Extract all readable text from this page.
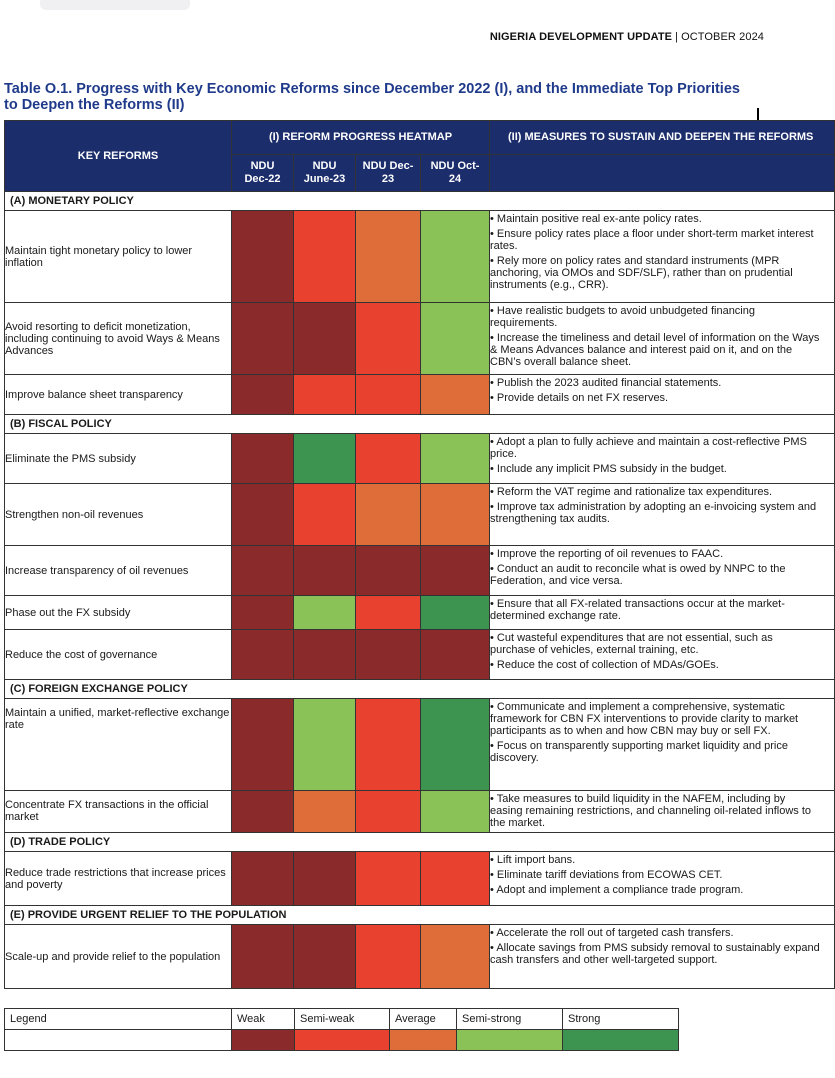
NIGERIA DEVELOPMENT UPDATE | OCTOBER 2024
Table O.1. Progress with Key Economic Reforms since December 2022 (I), and the Immediate Top Priorities to Deepen the Reforms (II)
KEY REFORMS	(I) REFORM PROGRESS HEATMAP				(II) MEASURES TO SUSTAIN AND DEEPEN THE REFORMS
	NDU Dec-22	NDU June-23	NDU Dec-23	NDU Oct-24	
(A) MONETARY POLICY					
Maintain tight monetary policy to lower inflation					• Maintain positive real ex-ante policy rates.
• Ensure policy rates place a floor under short-term market interest rates.
• Rely more on policy rates and standard instruments (MPR anchoring, via OMOs and SDF/SLF), rather than on prudential instruments (e.g., CRR).

Avoid resorting to deficit monetization, including continuing to avoid Ways & Means Advances					• Have realistic budgets to avoid unbudgeted financing requirements.
• Increase the timeliness and detail level of information on the Ways & Means Advances balance and interest paid on it, and on the CBN’s overall balance sheet.

Improve balance sheet transparency					• Publish the 2023 audited financial statements.
• Provide details on net FX reserves.

(B) FISCAL POLICY					
Eliminate the PMS subsidy					• Adopt a plan to fully achieve and maintain a cost-reflective PMS price.
• Include any implicit PMS subsidy in the budget.

Strengthen non-oil revenues					• Reform the VAT regime and rationalize tax expenditures.
• Improve tax administration by adopting an e-invoicing system and strengthening tax audits.

Increase transparency of oil revenues					• Improve the reporting of oil revenues to FAAC.
• Conduct an audit to reconcile what is owed by NNPC to the Federation, and vice versa.

Phase out the FX subsidy					• Ensure that all FX-related transactions occur at the market-determined exchange rate.

Reduce the cost of governance					• Cut wasteful expenditures that are not essential, such as purchase of vehicles, external training, etc.
• Reduce the cost of collection of MDAs/GOEs.

(C) FOREIGN EXCHANGE POLICY					
Maintain a unified, market-reflective exchange rate					• Communicate and implement a comprehensive, systematic framework for CBN FX interventions to provide clarity to market participants as to when and how CBN may buy or sell FX.
• Focus on transparently supporting market liquidity and price discovery.

Concentrate FX transactions in the official market					• Take measures to build liquidity in the NAFEM, including by easing remaining restrictions, and channeling oil-related inflows to the market.

(D) TRADE POLICY					
Reduce trade restrictions that increase prices and poverty					• Lift import bans.
• Eliminate tariff deviations from ECOWAS CET.
• Adopt and implement a compliance trade program.

(E) PROVIDE URGENT RELIEF TO THE POPULATION					
Scale-up and provide relief to the population					• Accelerate the roll out of targeted cash transfers.
• Allocate savings from PMS subsidy removal to sustainably expand cash transfers and other well-targeted support.
Legend	Weak	Semi-weak	Average	Semi-strong	Strong
